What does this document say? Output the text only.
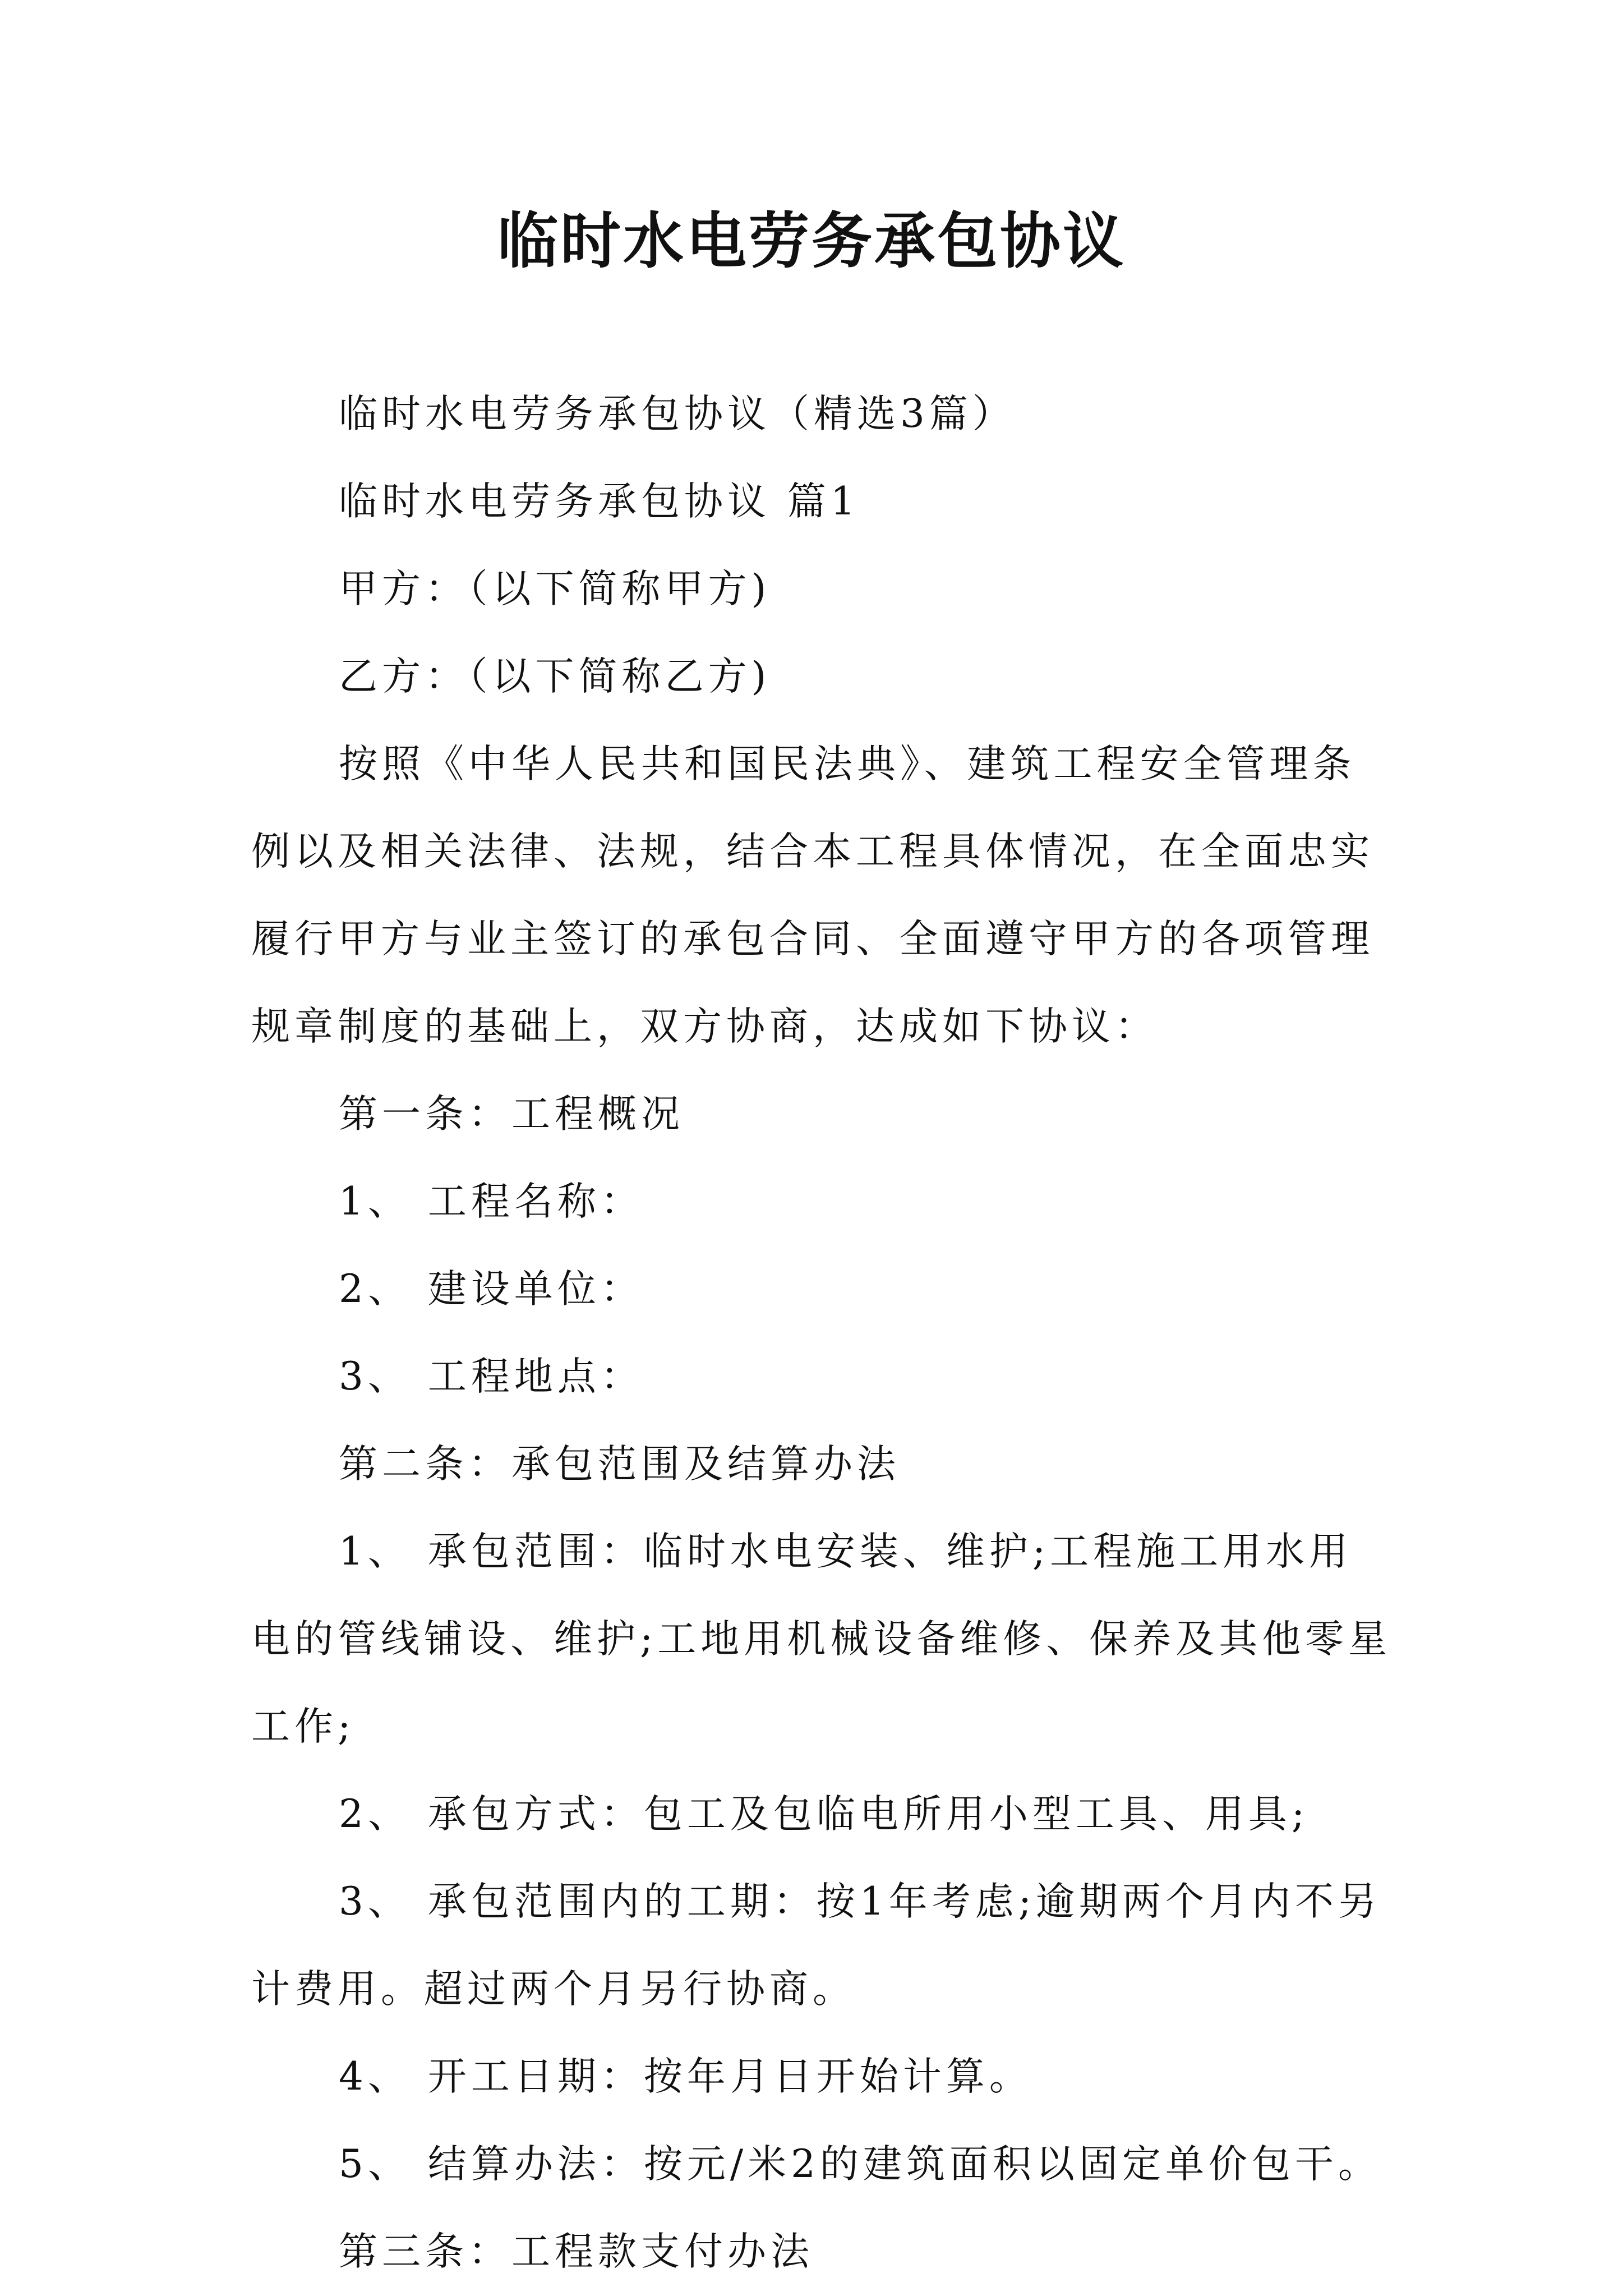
临时水电劳务承包协议

临时水电劳务承包协议（精选3篇）

临时水电劳务承包协议 篇1

甲方：（以下简称甲方)

乙方：（以下简称乙方)

按照《中华人民共和国民法典》、建筑工程安全管理条例以及相关法律、法规，结合本工程具体情况，在全面忠实履行甲方与业主签订的承包合同、全面遵守甲方的各项管理规章制度的基础上，双方协商，达成如下协议：

第一条：工程概况

1、 工程名称：

2、 建设单位：

3、 工程地点：

第二条：承包范围及结算办法

1、 承包范围：临时水电安装、维护;工程施工用水用电的管线铺设、维护;工地用机械设备维修、保养及其他零星工作;

2、 承包方式：包工及包临电所用小型工具、用具;

3、 承包范围内的工期：按1年考虑;逾期两个月内不另计费用。超过两个月另行协商。

4、 开工日期：按年月日开始计算。

5、 结算办法：按元/米2的建筑面积以固定单价包干。

第三条：工程款支付办法
